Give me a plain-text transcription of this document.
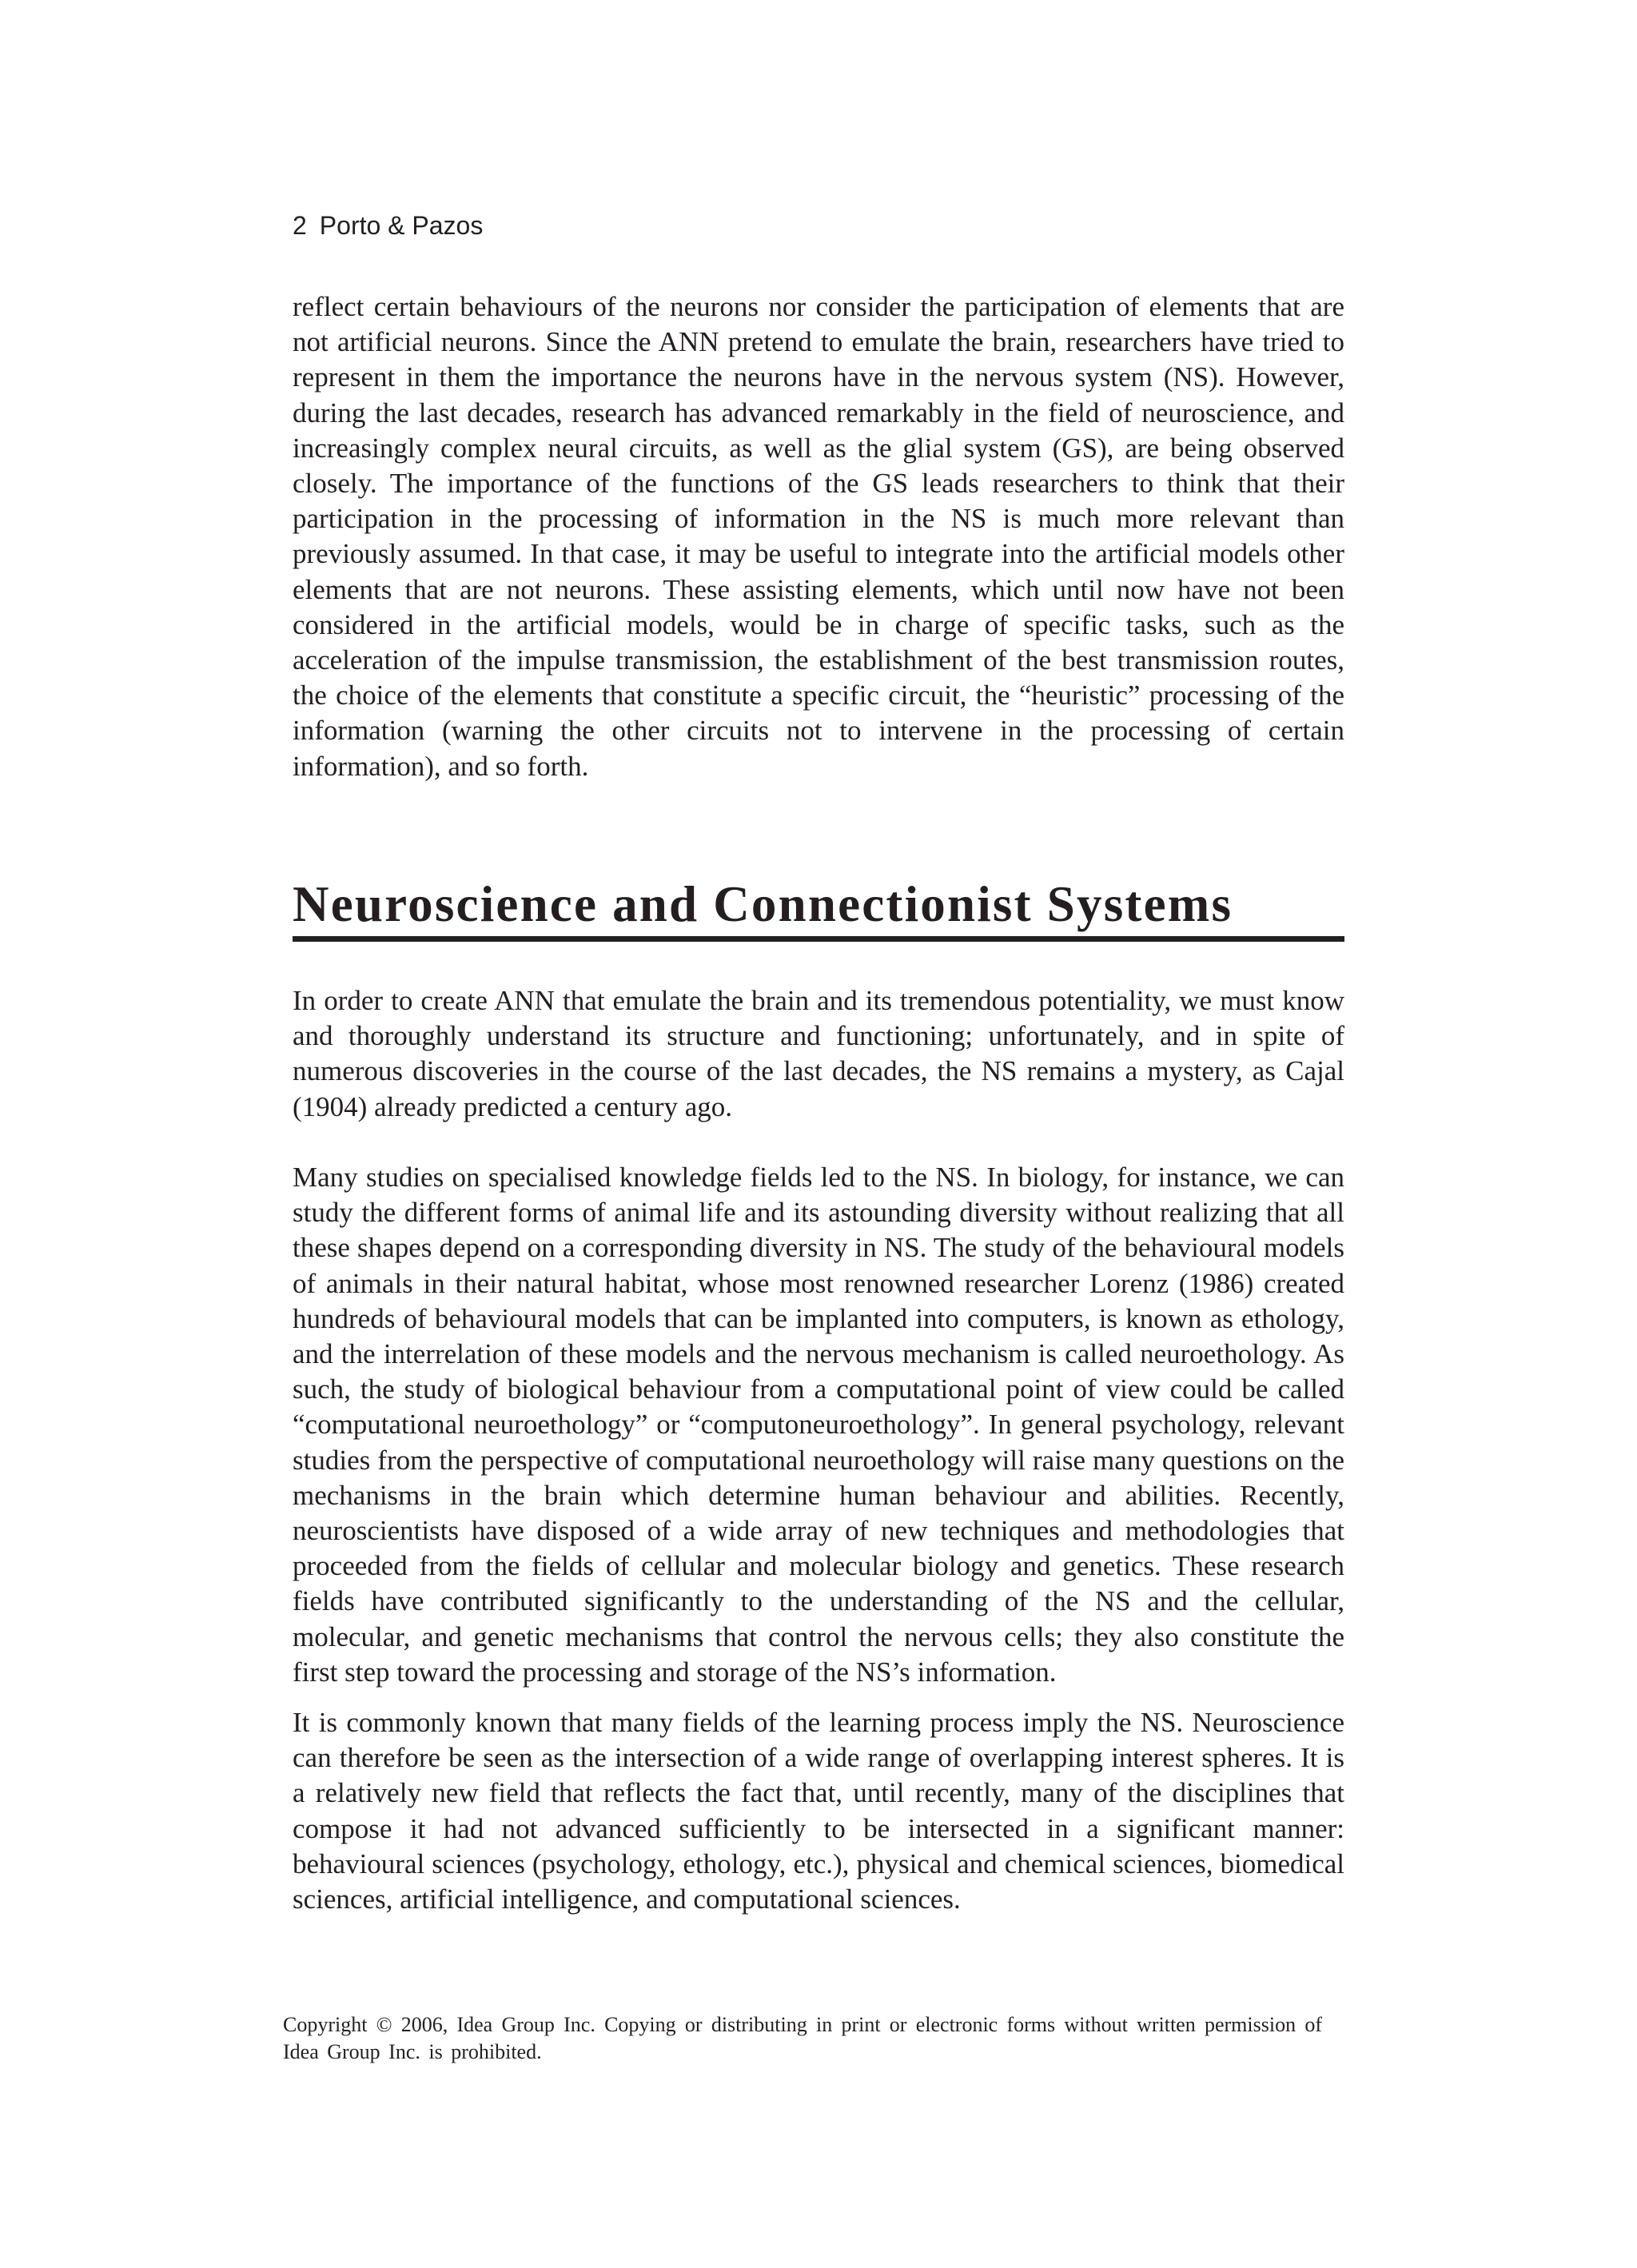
2 Porto & Pazos

reflect certain behaviours of the neurons nor consider the participation of elements that are not artificial neurons. Since the ANN pretend to emulate the brain, researchers have tried to represent in them the importance the neurons have in the nervous system (NS). However, during the last decades, research has advanced remarkably in the field of neuroscience, and increasingly complex neural circuits, as well as the glial system (GS), are being observed closely. The importance of the functions of the GS leads researchers to think that their participation in the processing of information in the NS is much more relevant than previously assumed. In that case, it may be useful to integrate into the artificial models other elements that are not neurons. These assisting elements, which until now have not been considered in the artificial models, would be in charge of specific tasks, such as the acceleration of the impulse transmission, the establishment of the best transmission routes, the choice of the elements that constitute a specific circuit, the “heuristic” processing of the information (warning the other circuits not to intervene in the processing of certain information), and so forth.

Neuroscience and Connectionist Systems

In order to create ANN that emulate the brain and its tremendous potentiality, we must know and thoroughly understand its structure and functioning; unfortunately, and in spite of numerous discoveries in the course of the last decades, the NS remains a mystery, as Cajal (1904) already predicted a century ago.

Many studies on specialised knowledge fields led to the NS. In biology, for instance, we can study the different forms of animal life and its astounding diversity without realizing that all these shapes depend on a corresponding diversity in NS. The study of the behavioural models of animals in their natural habitat, whose most renowned researcher Lorenz (1986) created hundreds of behavioural models that can be implanted into computers, is known as ethology, and the interrelation of these models and the nervous mechanism is called neuroethology. As such, the study of biological behaviour from a computational point of view could be called “computational neuroethology” or “computoneuroethology”. In general psychology, relevant studies from the perspective of computational neuroethology will raise many questions on the mechanisms in the brain which determine human behaviour and abilities. Recently, neuroscientists have disposed of a wide array of new techniques and methodologies that proceeded from the fields of cellular and molecular biology and genetics. These research fields have contributed significantly to the understanding of the NS and the cellular, molecular, and genetic mechanisms that control the nervous cells; they also constitute the first step toward the processing and storage of the NS’s information.

It is commonly known that many fields of the learning process imply the NS. Neuroscience can therefore be seen as the intersection of a wide range of overlapping interest spheres. It is a relatively new field that reflects the fact that, until recently, many of the disciplines that compose it had not advanced sufficiently to be intersected in a significant manner: behavioural sciences (psychology, ethology, etc.), physical and chemical sciences, biomedical sciences, artificial intelligence, and computational sciences.

Copyright © 2006, Idea Group Inc. Copying or distributing in print or electronic forms without written permission of Idea Group Inc. is prohibited.
